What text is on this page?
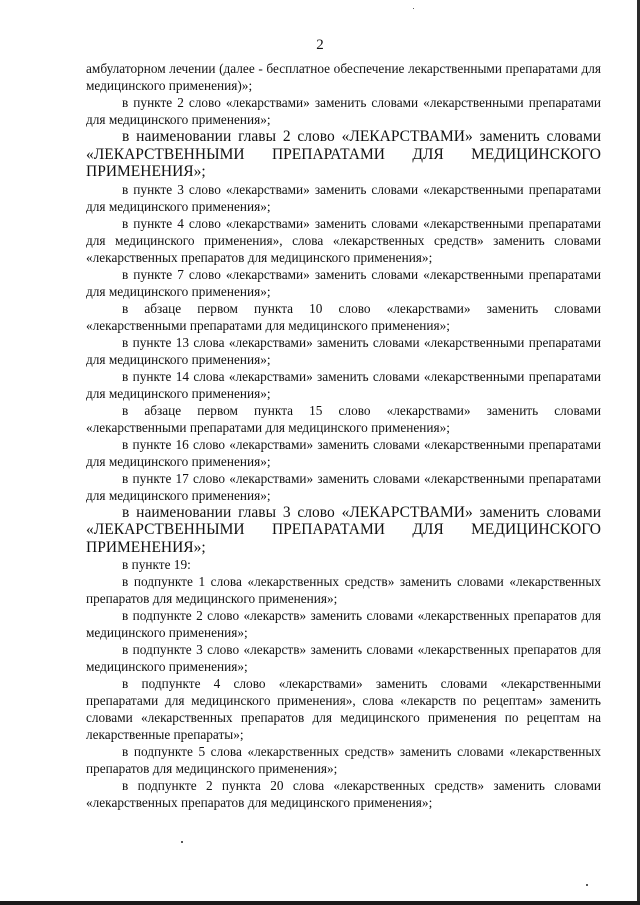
2

амбулаторном лечении (далее - бесплатное обеспечение лекарственными препаратами для медицинского применения)»;

в пункте 2 слово «лекарствами» заменить словами «лекарственными препаратами для медицинского применения»;

в наименовании главы 2 слово «ЛЕКАРСТВАМИ» заменить словами «ЛЕКАРСТВЕННЫМИ ПРЕПАРАТАМИ ДЛЯ МЕДИЦИНСКОГО ПРИМЕНЕНИЯ»;

в пункте 3 слово «лекарствами» заменить словами «лекарственными препаратами для медицинского применения»;

в пункте 4 слово «лекарствами» заменить словами «лекарственными препаратами для медицинского применения», слова «лекарственных средств» заменить словами «лекарственных препаратов для медицинского применения»;

в пункте 7 слово «лекарствами» заменить словами «лекарственными препаратами для медицинского применения»;

в абзаце первом пункта 10 слово «лекарствами» заменить словами «лекарственными препаратами для медицинского применения»;

в пункте 13 слова «лекарствами» заменить словами «лекарственными препаратами для медицинского применения»;

в пункте 14 слова «лекарствами» заменить словами «лекарственными препаратами для медицинского применения»;

в абзаце первом пункта 15 слово «лекарствами» заменить словами «лекарственными препаратами для медицинского применения»;

в пункте 16 слово «лекарствами» заменить словами «лекарственными препаратами для медицинского применения»;

в пункте 17 слово «лекарствами» заменить словами «лекарственными препаратами для медицинского применения»;

в наименовании главы 3 слово «ЛЕКАРСТВАМИ» заменить словами «ЛЕКАРСТВЕННЫМИ ПРЕПАРАТАМИ ДЛЯ МЕДИЦИНСКОГО ПРИМЕНЕНИЯ»;

в пункте 19:

в подпункте 1 слова «лекарственных средств» заменить словами «лекарственных препаратов для медицинского применения»;

в подпункте 2 слово «лекарств» заменить словами «лекарственных препаратов для медицинского применения»;

в подпункте 3 слово «лекарств» заменить словами «лекарственных препаратов для медицинского применения»;

в подпункте 4 слово «лекарствами» заменить словами «лекарственными препаратами для медицинского применения», слова «лекарств по рецептам» заменить словами «лекарственных препаратов для медицинского применения по рецептам на лекарственные препараты»;

в подпункте 5 слова «лекарственных средств» заменить словами «лекарственных препаратов для медицинского применения»;

в подпункте 2 пункта 20 слова «лекарственных средств» заменить словами «лекарственных препаратов для медицинского применения»;
